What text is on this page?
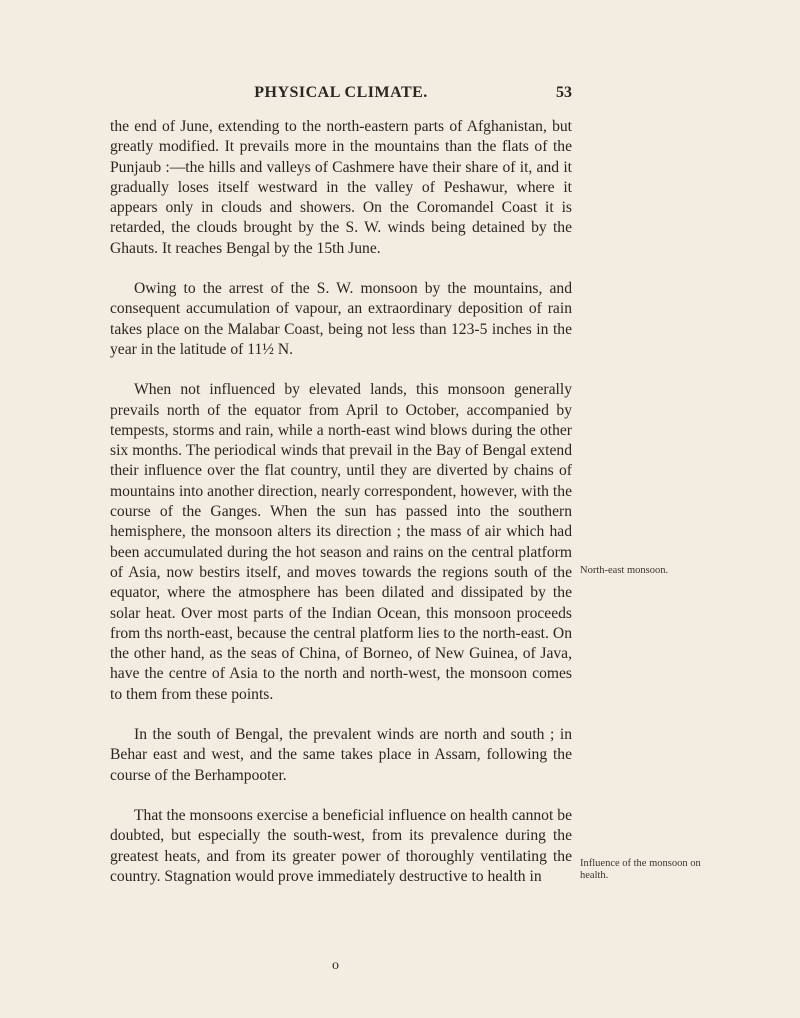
PHYSICAL CLIMATE.	53

the end of June, extending to the north-eastern parts of Afghanistan, but greatly modified. It prevails more in the mountains than the flats of the Punjaub :—the hills and valleys of Cashmere have their share of it, and it gradually loses itself westward in the valley of Peshawur, where it appears only in clouds and showers. On the Coromandel Coast it is retarded, the clouds brought by the S. W. winds being detained by the Ghauts. It reaches Bengal by the 15th June.

Owing to the arrest of the S. W. monsoon by the mountains, and consequent accumulation of vapour, an extraordinary deposition of rain takes place on the Malabar Coast, being not less than 123-5 inches in the year in the latitude of 11½ N.

When not influenced by elevated lands, this monsoon generally prevails north of the equator from April to October, accompanied by tempests, storms and rain, while a north-east wind blows during the other six months. The periodical winds that prevail in the Bay of Bengal extend their influence over the flat country, until they are diverted by chains of mountains into another direction, nearly correspondent, however, with the course of the Ganges. When the sun has passed into the southern hemisphere, the monsoon alters its direction ; the mass of air which had been accumulated during the hot season and rains on the central platform of Asia, now bestirs itself, and moves towards the regions south of the equator, where the atmosphere has been dilated and dissipated by the solar heat. Over most parts of the Indian Ocean, this monsoon proceeds from ths north-east, because the central platform lies to the north-east. On the other hand, as the seas of China, of Borneo, of New Guinea, of Java, have the centre of Asia to the north and north-west, the monsoon comes to them from these points.

In the south of Bengal, the prevalent winds are north and south ; in Behar east and west, and the same takes place in Assam, following the course of the Berhampooter.

That the monsoons exercise a beneficial influence on health cannot be doubted, but especially the south-west, from its prevalence during the greatest heats, and from its greater power of thoroughly ventilating the country. Stagnation would prove immediately destructive to health in

North-east monsoon.
Influence of the monsoon on health.
o
